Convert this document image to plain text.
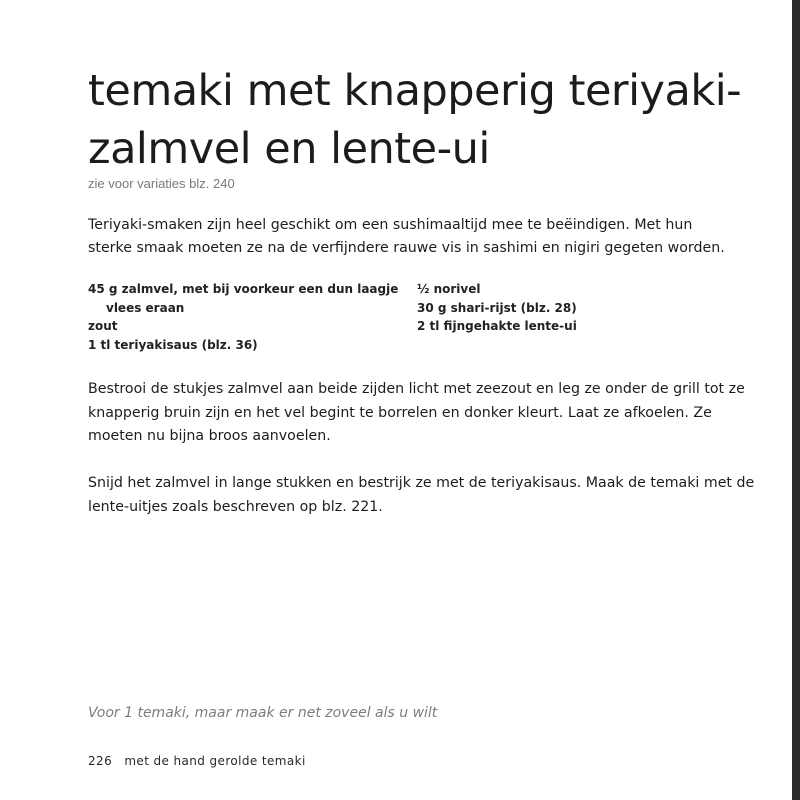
temaki met knapperig teriyaki-
zalmvel en lente-ui
zie voor variaties blz. 240

Teriyaki-smaken zijn heel geschikt om een sushimaaltijd mee te beëindigen. Met hun
sterke smaak moeten ze na de verfijndere rauwe vis in sashimi en nigiri gegeten worden.

45 g zalmvel, met bij voorkeur een dun laagje
vlees eraan
zout
1 tl teriyakisaus (blz. 36)
½ norivel
30 g shari-rijst (blz. 28)
2 tl fijngehakte lente-ui

Bestrooi de stukjes zalmvel aan beide zijden licht met zeezout en leg ze onder de grill tot ze
knapperig bruin zijn en het vel begint te borrelen en donker kleurt. Laat ze afkoelen. Ze
moeten nu bijna broos aanvoelen.

Snijd het zalmvel in lange stukken en bestrijk ze met de teriyakisaus. Maak de temaki met de
lente-uitjes zoals beschreven op blz. 221.

Voor 1 temaki, maar maak er net zoveel als u wilt
226 met de hand gerolde temaki
